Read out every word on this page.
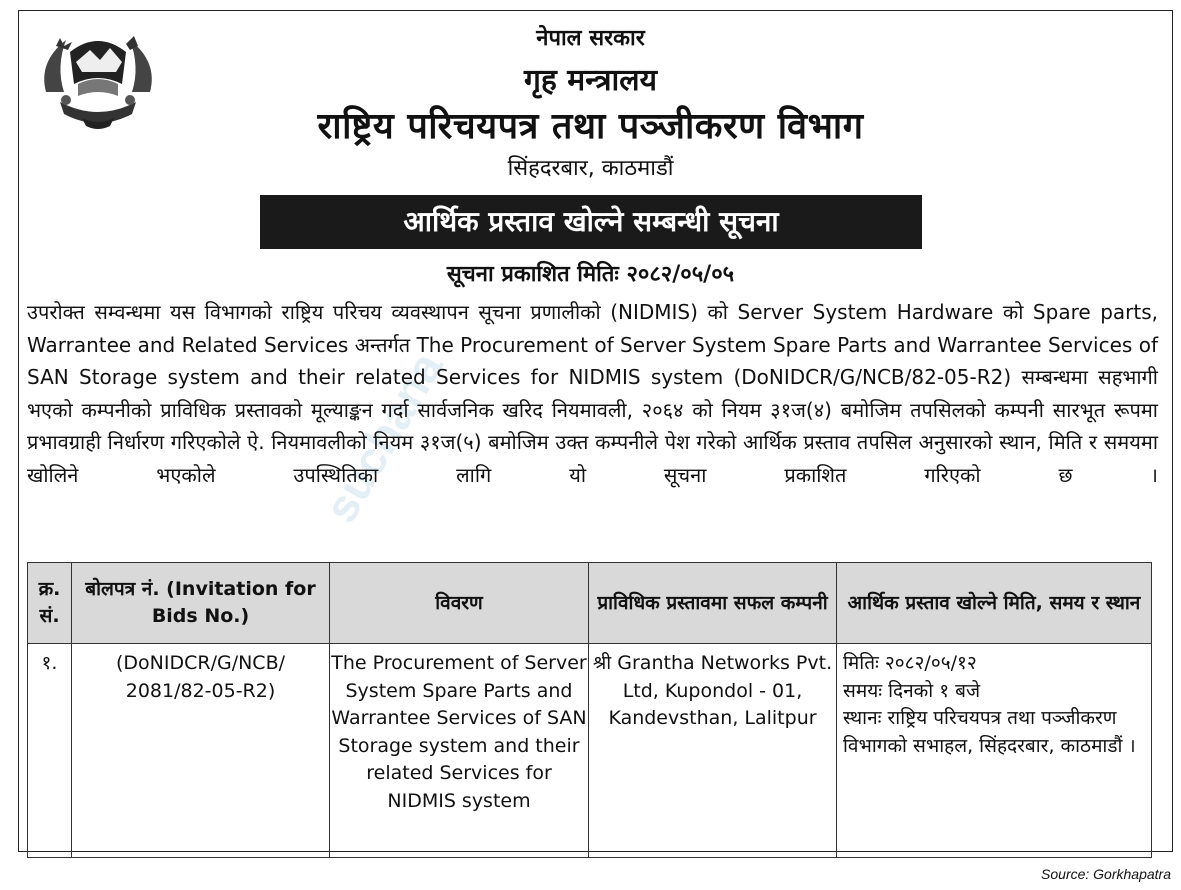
नेपाल सरकार
गृह मन्त्रालय
राष्ट्रिय परिचयपत्र तथा पञ्जीकरण विभाग
सिंहदरबार, काठमाडौं
आर्थिक प्रस्ताव खोल्ने सम्बन्धी सूचना
सूचना प्रकाशित मितिः २०८२/०५/०५
suchana
उपरोक्त सम्वन्धमा यस विभागको राष्ट्रिय परिचय व्यवस्थापन सूचना प्रणालीको (NIDMIS) को Server System Hardware को Spare parts, Warrantee and Related Services अन्तर्गत The Procurement of Server System Spare Parts and Warrantee Services of SAN Storage system and their related Services for NIDMIS system (DoNIDCR/G/NCB/82-05-R2) सम्बन्धमा सहभागी भएको कम्पनीको प्राविधिक प्रस्तावको मूल्याङ्कन गर्दा सार्वजनिक खरिद नियमावली, २०६४ को नियम ३१ज(४) बमोजिम तपसिलको कम्पनी सारभूत रूपमा प्रभावग्राही निर्धारण गरिएकोले ऐ. नियमावलीको नियम ३१ज(५) बमोजिम उक्त कम्पनीले पेश गरेको आर्थिक प्रस्ताव तपसिल अनुसारको स्थान, मिति र समयमा खोलिने भएकोले उपस्थितिका लागि यो सूचना प्रकाशित गरिएको छ ।
क्र. सं.	बोलपत्र नं. (Invitation for Bids No.)	विवरण	प्राविधिक प्रस्तावमा सफल कम्पनी	आर्थिक प्रस्ताव खोल्ने मिति, समय र स्थान
१.	(DoNIDCR/G/NCB/ 2081/82-05-R2)	The Procurement of Server System Spare Parts and Warrantee Services of SAN Storage system and their related Services for NIDMIS system	श्री Grantha Networks Pvt. Ltd, Kupondol - 01, Kandevsthan, Lalitpur	मितिः २०८२/०५/१२
समयः दिनको १ बजे
स्थानः राष्ट्रिय परिचयपत्र तथा पञ्जीकरण विभागको सभाहल, सिंहदरबार, काठमाडौं ।
Source: Gorkhapatra
